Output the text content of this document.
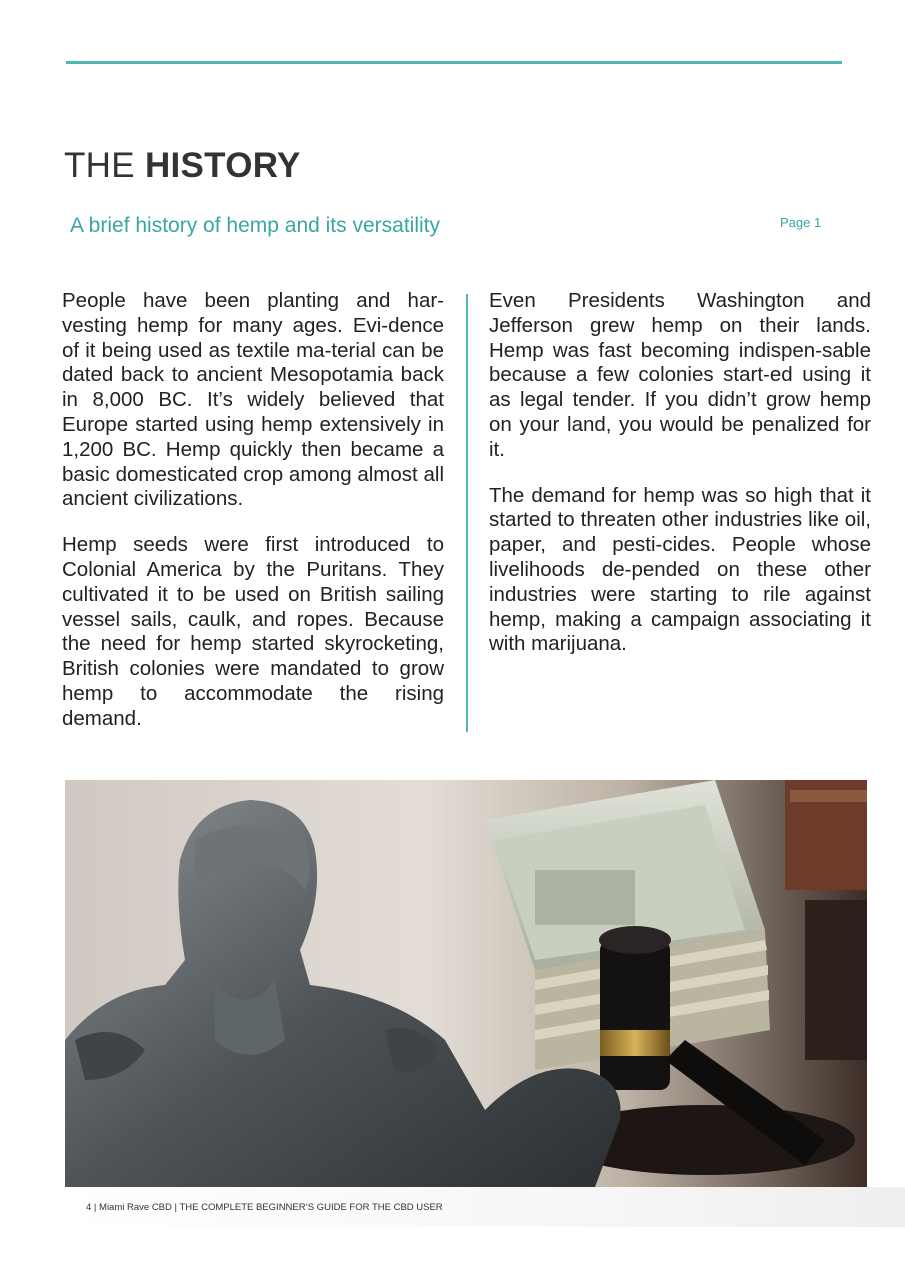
THE HISTORY
A brief history of hemp and its versatility	Page 1

People have been planting and har-vesting hemp for many ages. Evi-dence of it being used as textile ma-terial can be dated back to ancient Mesopotamia back in 8,000 BC. It’s widely believed that Europe started using hemp extensively in 1,200 BC. Hemp quickly then became a basic domesticated crop among almost all ancient civilizations.

Hemp seeds were first introduced to Colonial America by the Puritans. They cultivated it to be used on British sailing vessel sails, caulk, and ropes. Because the need for hemp started skyrocketing, British colonies were mandated to grow hemp to accommodate the rising demand.

Even Presidents Washington and Jefferson grew hemp on their lands. Hemp was fast becoming indispen-sable because a few colonies start-ed using it as legal tender. If you didn’t grow hemp on your land, you would be penalized for it.

The demand for hemp was so high that it started to threaten other industries like oil, paper, and pesti-cides. People whose livelihoods de-pended on these other industries were starting to rile against hemp, making a campaign associating it with marijuana.

4 | Miami Rave CBD | THE COMPLETE BEGINNER’S GUIDE FOR THE CBD USER
